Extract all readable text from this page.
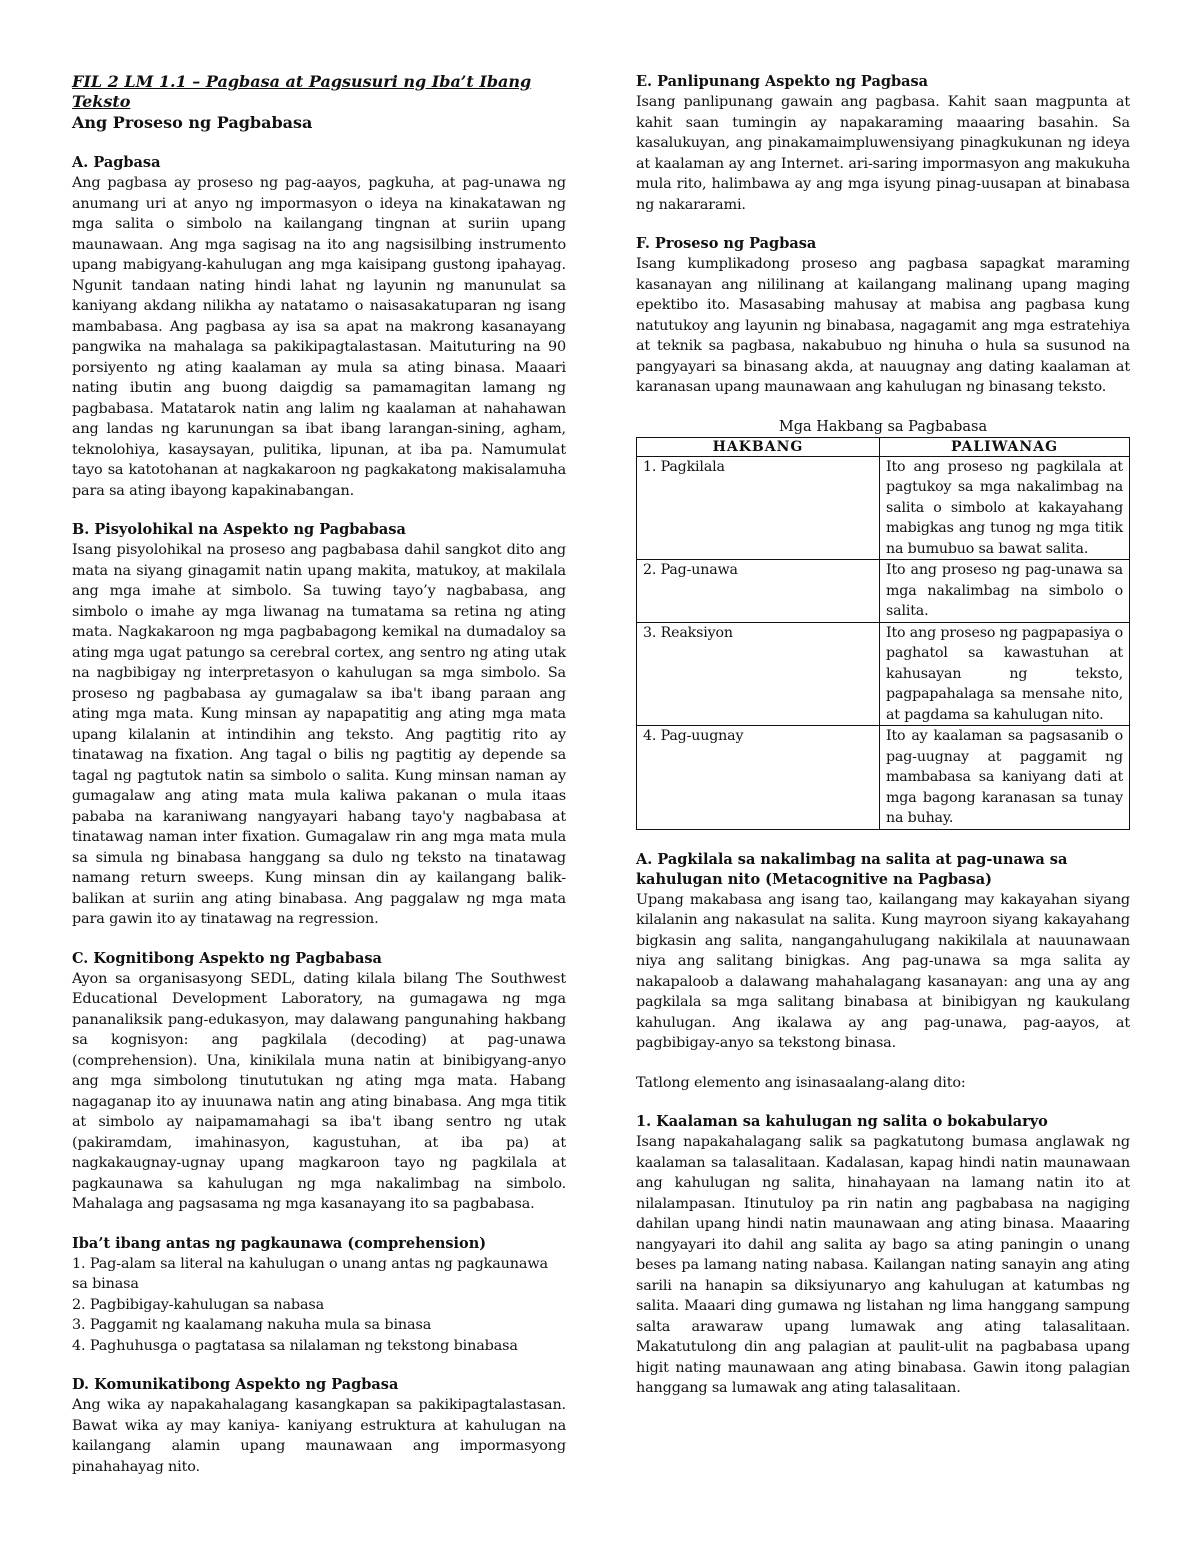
FIL 2 LM 1.1 – Pagbasa at Pagsusuri ng Iba’t Ibang Teksto

Ang Proseso ng Pagbabasa

A. Pagbasa

Ang pagbasa ay proseso ng pag-aayos, pagkuha, at pag-unawa ng anumang uri at anyo ng impormasyon o ideya na kinakatawan ng mga salita o simbolo na kailangang tingnan at suriin upang maunawaan. Ang mga sagisag na ito ang nagsisilbing instrumento upang mabigyang-kahulugan ang mga kaisipang gustong ipahayag. Ngunit tandaan nating hindi lahat ng layunin ng manunulat sa kaniyang akdang nilikha ay natatamo o naisasakatuparan ng isang mambabasa. Ang pagbasa ay isa sa apat na makrong kasanayang pangwika na mahalaga sa pakikipagtalastasan. Maituturing na 90 porsiyento ng ating kaalaman ay mula sa ating binasa. Maaari nating ibutin ang buong daigdig sa pamamagitan lamang ng pagbabasa. Matatarok natin ang lalim ng kaalaman at nahahawan ang landas ng karunungan sa ibat ibang larangan-sining, agham, teknolohiya, kasaysayan, pulitika, lipunan, at iba pa. Namumulat tayo sa katotohanan at nagkakaroon ng pagkakatong makisalamuha para sa ating ibayong kapakinabangan.

B. Pisyolohikal na Aspekto ng Pagbabasa

Isang pisyolohikal na proseso ang pagbabasa dahil sangkot dito ang mata na siyang ginagamit natin upang makita, matukoy, at makilala ang mga imahe at simbolo. Sa tuwing tayo’y nagbabasa, ang simbolo o imahe ay mga liwanag na tumatama sa retina ng ating mata. Nagkakaroon ng mga pagbabagong kemikal na dumadaloy sa ating mga ugat patungo sa cerebral cortex, ang sentro ng ating utak na nagbibigay ng interpretasyon o kahulugan sa mga simbolo. Sa proseso ng pagbabasa ay gumagalaw sa iba't ibang paraan ang ating mga mata. Kung minsan ay napapatitig ang ating mga mata upang kilalanin at intindihin ang teksto. Ang pagtitig rito ay tinatawag na fixation. Ang tagal o bilis ng pagtitig ay depende sa tagal ng pagtutok natin sa simbolo o salita. Kung minsan naman ay gumagalaw ang ating mata mula kaliwa pakanan o mula itaas pababa na karaniwang nangyayari habang tayo'y nagbabasa at tinatawag naman inter fixation. Gumagalaw rin ang mga mata mula sa simula ng binabasa hanggang sa dulo ng teksto na tinatawag namang return sweeps. Kung minsan din ay kailangang balik-balikan at suriin ang ating binabasa. Ang paggalaw ng mga mata para gawin ito ay tinatawag na regression.

C. Kognitibong Aspekto ng Pagbabasa

Ayon sa organisasyong SEDL, dating kilala bilang The Southwest Educational Development Laboratory, na gumagawa ng mga pananaliksik pang-edukasyon, may dalawang pangunahing hakbang sa kognisyon: ang pagkilala (decoding) at pag-unawa (comprehension). Una, kinikilala muna natin at binibigyang-anyo ang mga simbolong tinututukan ng ating mga mata. Habang nagaganap ito ay inuunawa natin ang ating binabasa. Ang mga titik at simbolo ay naipamamahagi sa iba't ibang sentro ng utak (pakiramdam, imahinasyon, kagustuhan, at iba pa) at nagkakaugnay-ugnay upang magkaroon tayo ng pagkilala at pagkaunawa sa kahulugan ng mga nakalimbag na simbolo. Mahalaga ang pagsasama ng mga kasanayang ito sa pagbabasa.

Iba’t ibang antas ng pagkaunawa (comprehension)

1. Pag-alam sa literal na kahulugan o unang antas ng pagkaunawa sa binasa
2. Pagbibigay-kahulugan sa nabasa
3. Paggamit ng kaalamang nakuha mula sa binasa
4. Paghuhusga o pagtatasa sa nilalaman ng tekstong binabasa

D. Komunikatibong Aspekto ng Pagbasa

Ang wika ay napakahalagang kasangkapan sa pakikipagtalastasan. Bawat wika ay may kaniya- kaniyang estruktura at kahulugan na kailangang alamin upang maunawaan ang impormasyong pinahahayag nito.

E. Panlipunang Aspekto ng Pagbasa

Isang panlipunang gawain ang pagbasa. Kahit saan magpunta at kahit saan tumingin ay napakaraming maaaring basahin. Sa kasalukuyan, ang pinakamaimpluwensiyang pinagkukunan ng ideya at kaalaman ay ang Internet. ari-saring impormasyon ang makukuha mula rito, halimbawa ay ang mga isyung pinag-uusapan at binabasa ng nakararami.

F. Proseso ng Pagbasa

Isang kumplikadong proseso ang pagbasa sapagkat maraming kasanayan ang nililinang at kailangang malinang upang maging epektibo ito. Masasabing mahusay at mabisa ang pagbasa kung natutukoy ang layunin ng binabasa, nagagamit ang mga estratehiya at teknik sa pagbasa, nakabubuo ng hinuha o hula sa susunod na pangyayari sa binasang akda, at nauugnay ang dating kaalaman at karanasan upang maunawaan ang kahulugan ng binasang teksto.

Mga Hakbang sa Pagbabasa

HAKBANG	PALIWANAG
1. Pagkilala	Ito ang proseso ng pagkilala at pagtukoy sa mga nakalimbag na salita o simbolo at kakayahang mabigkas ang tunog ng mga titik na bumubuo sa bawat salita.
2. Pag-unawa	Ito ang proseso ng pag-unawa sa mga nakalimbag na simbolo o salita.
3. Reaksiyon	Ito ang proseso ng pagpapasiya o paghatol sa kawastuhan at kahusayan ng teksto, pagpapahalaga sa mensahe nito, at pagdama sa kahulugan nito.
4. Pag-uugnay	Ito ay kaalaman sa pagsasanib o pag-uugnay at paggamit ng mambabasa sa kaniyang dati at mga bagong karanasan sa tunay na buhay.

A. Pagkilala sa nakalimbag na salita at pag-unawa sa kahulugan nito (Metacognitive na Pagbasa)

Upang makabasa ang isang tao, kailangang may kakayahan siyang kilalanin ang nakasulat na salita. Kung mayroon siyang kakayahang bigkasin ang salita, nangangahulugang nakikilala at nauunawaan niya ang salitang binigkas. Ang pag-unawa sa mga salita ay nakapaloob a dalawang mahahalagang kasanayan: ang una ay ang pagkilala sa mga salitang binabasa at binibigyan ng kaukulang kahulugan. Ang ikalawa ay ang pag-unawa, pag-aayos, at pagbibigay-anyo sa tekstong binasa.

Tatlong elemento ang isinasaalang-alang dito:

1. Kaalaman sa kahulugan ng salita o bokabularyo

Isang napakahalagang salik sa pagkatutong bumasa anglawak ng kaalaman sa talasalitaan. Kadalasan, kapag hindi natin maunawaan ang kahulugan ng salita, hinahayaan na lamang natin ito at nilalampasan. Itinutuloy pa rin natin ang pagbabasa na nagiging dahilan upang hindi natin maunawaan ang ating binasa. Maaaring nangyayari ito dahil ang salita ay bago sa ating paningin o unang beses pa lamang nating nabasa. Kailangan nating sanayin ang ating sarili na hanapin sa diksiyunaryo ang kahulugan at katumbas ng salita. Maaari ding gumawa ng listahan ng lima hanggang sampung salta arawaraw upang lumawak ang ating talasalitaan. Makatutulong din ang palagian at paulit-ulit na pagbabasa upang higit nating maunawaan ang ating binabasa. Gawin itong palagian hanggang sa lumawak ang ating talasalitaan.
